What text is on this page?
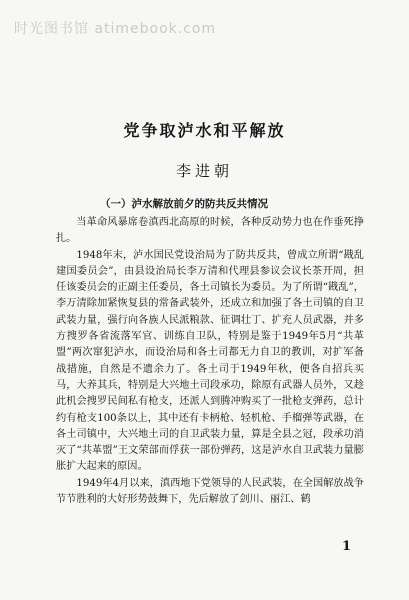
时光图书馆 atimebook.com
党争取泸水和平解放
李进朝
（一）泸水解放前夕的防共反共情况

当革命风暴席卷滇西北高原的时候，各种反动势力也在作垂死挣扎。

1948年末，泸水国民党设治局为了防共反共，曾成立所谓“戡乱建国委员会”，由县设治局长李万清和代理县参议会议长茶开周，担任该委员会的正副主任委员，各土司镇长为委员。为了所谓“戡乱”，李万清除加紧恢复县的常备武装外，还成立和加强了各土司镇的自卫武装力量，强行向各族人民派粮款、征调壮丁、扩充人员武器，并多方搜罗各省流落军官、训练自卫队，特别是鉴于1949年5月“共革盟”两次窜犯泸水，而设治局和各土司都无力自卫的教训，对扩军备战措施，自然是不遗余力了。各土司于1949年秋，便各自招兵买马，大养其兵，特别是大兴地土司段承功，除原有武器人员外，又趁此机会搜罗民间私有枪支，还派人到腾冲购买了一批枪支弹药，总计约有枪支100条以上，其中还有卡柄枪、轻机枪、手榴弹等武器，在各土司镇中，大兴地土司的自卫武装力量，算是全县之冠，段承功消灭了“共革盟”王文荣部而俘获一部份弹药，这是泸水自卫武装力量膨胀扩大起来的原因。

1949年4月以来，滇西地下党领导的人民武装，在全国解放战争节节胜利的大好形势鼓舞下，先后解放了剑川、丽江、鹤

1
